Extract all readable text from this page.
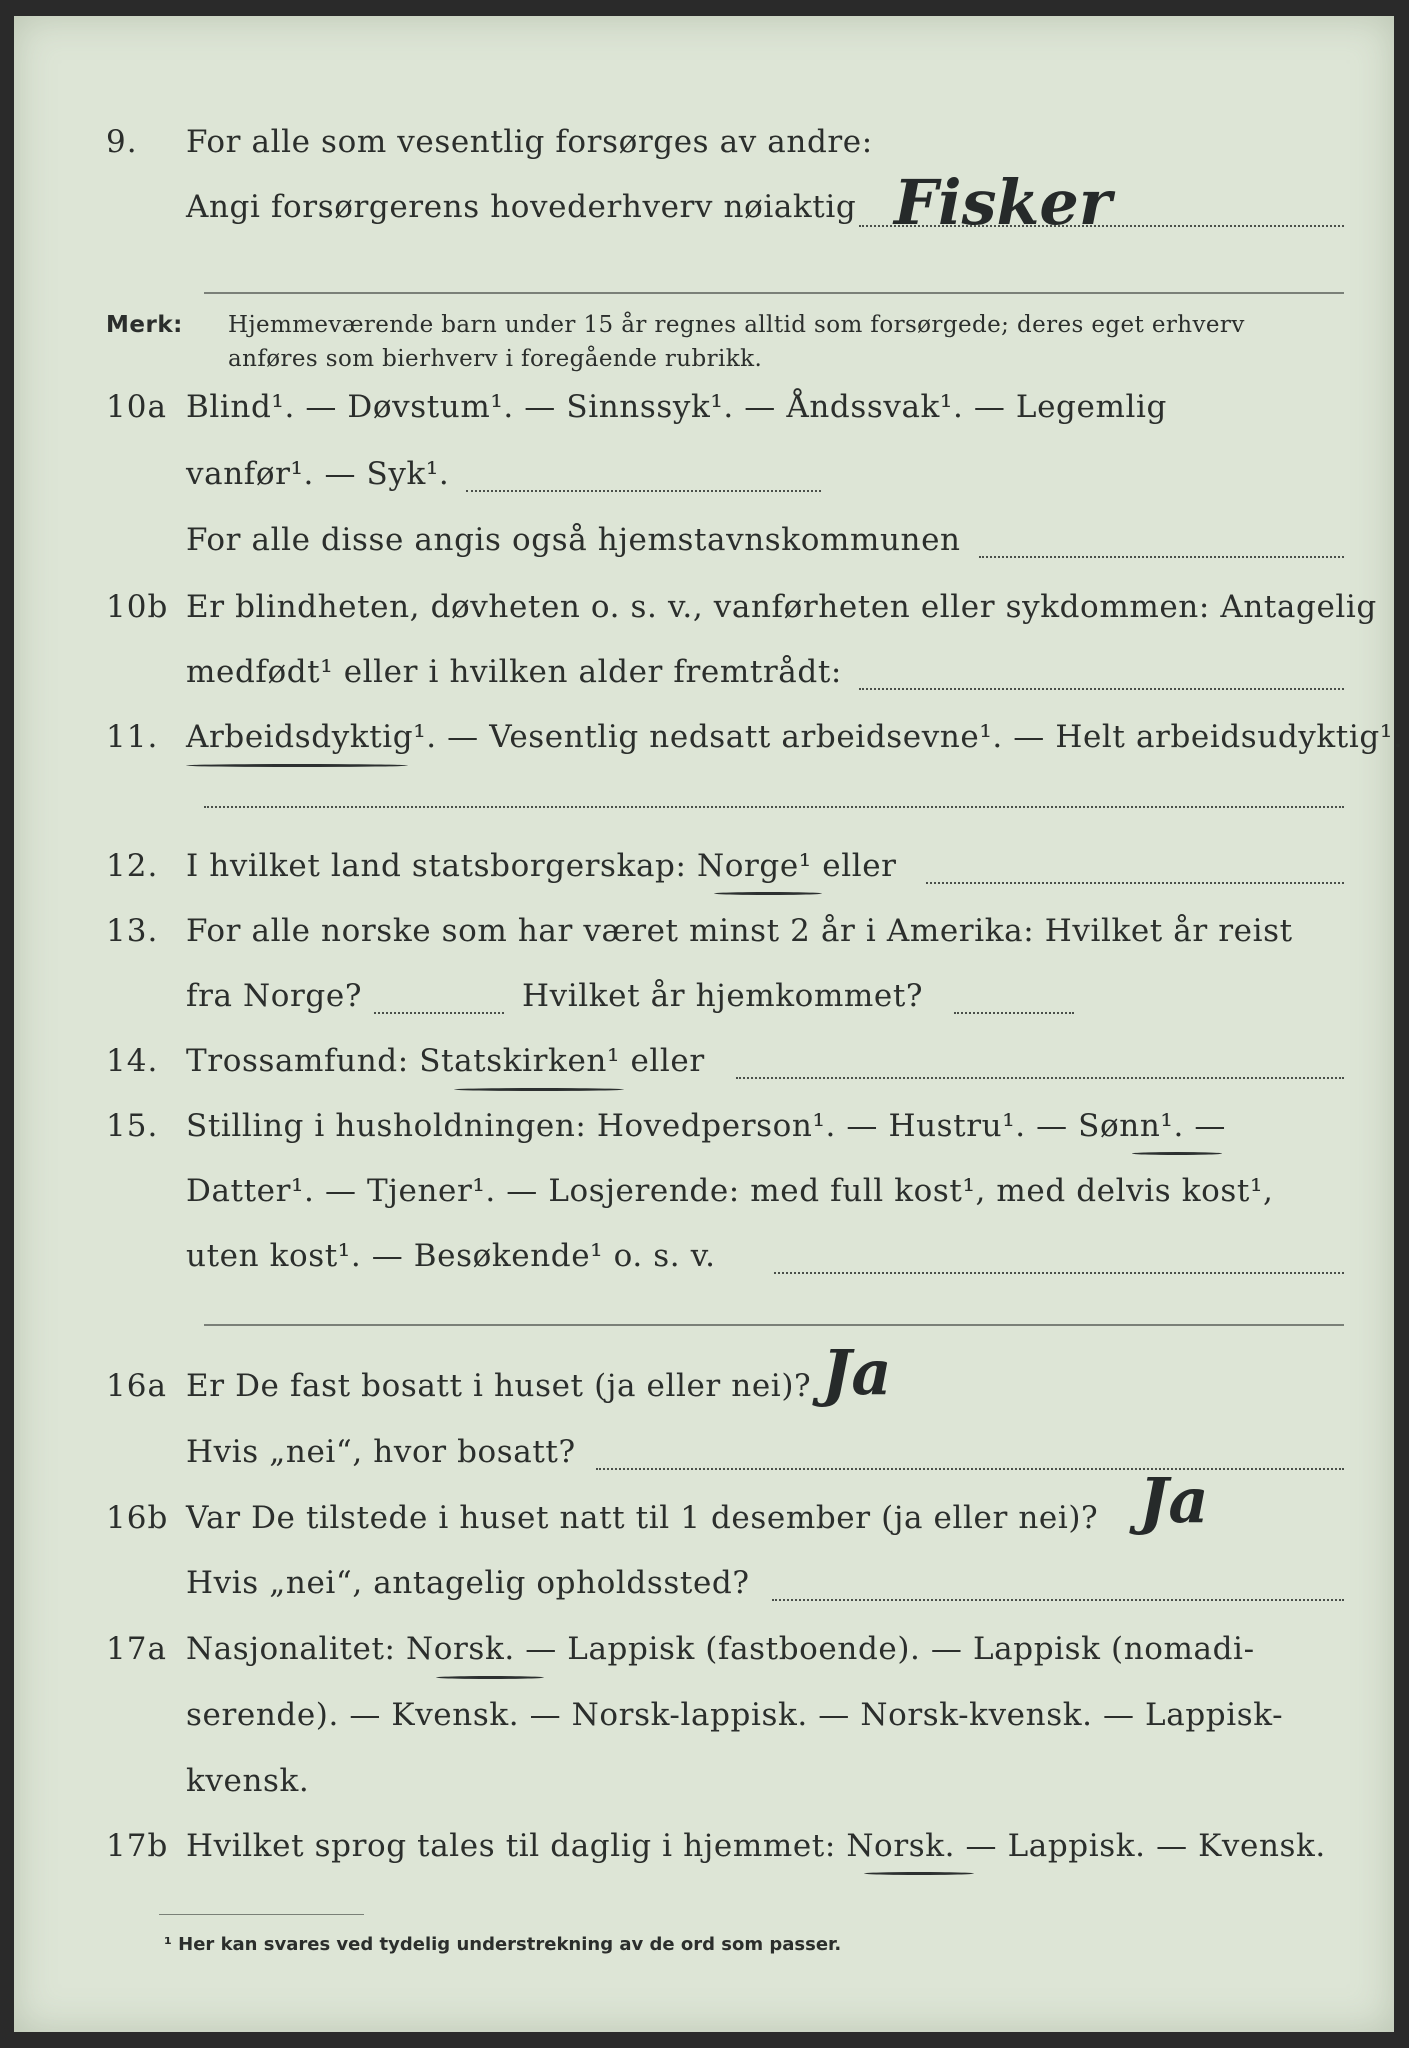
9. For alle som vesentlig forsørges av andre:
Angi forsørgerens hovederhverv nøiaktig Fisker
Merk: Hjemmeværende barn under 15 år regnes alltid som forsørgede; deres eget erhverv
anføres som bierhverv i foregående rubrikk.
10a Blind¹. — Døvstum¹. — Sinnssyk¹. — Åndssvak¹. — Legemlig
vanfør¹. — Syk¹.
For alle disse angis også hjemstavnskommunen
10b Er blindheten, døvheten o. s. v., vanførheten eller sykdommen: Antagelig
medfødt¹ eller i hvilken alder fremtrådt:
11. Arbeidsdyktig¹. — Vesentlig nedsatt arbeidsevne¹. — Helt arbeidsudyktig¹.
12. I hvilket land statsborgerskap: Norge¹ eller
13. For alle norske som har været minst 2 år i Amerika: Hvilket år reist
fra Norge?	Hvilket år hjemkommet?
14. Trossamfund: Statskirken¹ eller
15. Stilling i husholdningen: Hovedperson¹. — Hustru¹. — Sønn¹. —
Datter¹. — Tjener¹. — Losjerende: med full kost¹, med delvis kost¹,
uten kost¹. — Besøkende¹ o. s. v.
16a Er De fast bosatt i huset (ja eller nei)? Ja
Hvis „nei“, hvor bosatt?
16b Var De tilstede i huset natt til 1 desember (ja eller nei)? Ja
Hvis „nei“, antagelig opholdssted?
17a Nasjonalitet: Norsk. — Lappisk (fastboende). — Lappisk (nomadi-
serende). — Kvensk. — Norsk-lappisk. — Norsk-kvensk. — Lappisk-
kvensk.
17b Hvilket sprog tales til daglig i hjemmet: Norsk. — Lappisk. — Kvensk.
¹ Her kan svares ved tydelig understrekning av de ord som passer.
